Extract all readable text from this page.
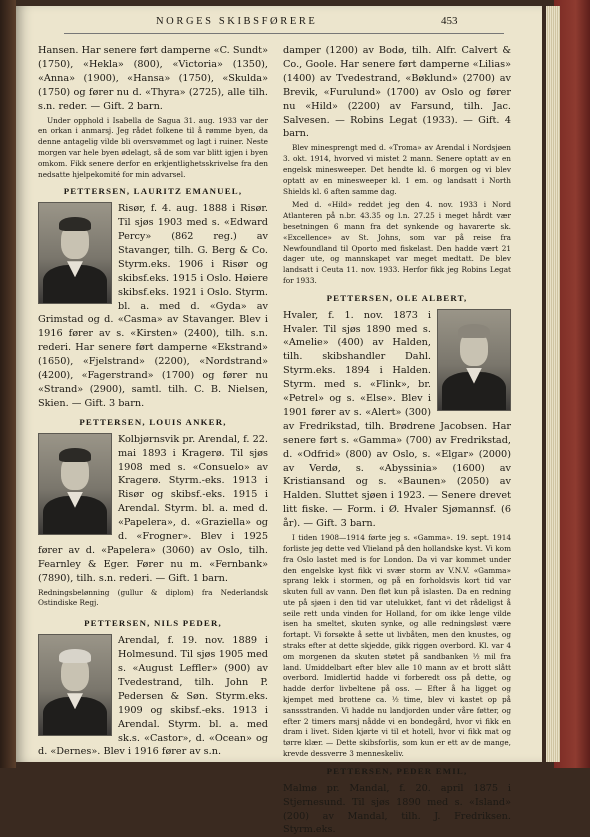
NORGES SKIBSFØRERE	453

Hansen. Har senere ført damperne «C. Sundt» (1750), «Hekla» (800), «Victoria» (1350), «Anna» (1900), «Hansa» (1750), «Skulda» (1750) og fører nu d. «Thyra» (2725), alle tilh. s.n. reder. — Gift. 2 barn.

Under opphold i Isabella de Sagua 31. aug. 1933 var der en orkan i anmarsj. Jeg rådet folkene til å rømme byen, da denne antagelig vilde bli oversvømmet og lagt i ruiner. Neste morgen var hele byen ødelagt, så de som var blitt igjen i byen omkom. Fikk senere derfor en erkjentlighetsskrivelse fra den nedsatte hjelpekomité for min advarsel.

PETTERSEN, LAURITZ EMANUEL,

Risør, f. 4. aug. 1888 i Risør. Til sjøs 1903 med s. «Edward Percy» (862 reg.) av Stavanger, tilh. G. Berg & Co. Styrm.eks. 1906 i Risør og skibsf.eks. 1915 i Oslo. Høiere skibsf.eks. 1921 i Oslo. Styrm. bl. a. med d. «Gyda» av Grimstad og d. «Casma» av Stavanger. Blev i 1916 fører av s. «Kirsten» (2400), tilh. s.n. rederi. Har senere ført damperne «Ekstrand» (1650), «Fjelstrand» (2200), «Nordstrand» (4200), «Fagerstrand» (1700) og fører nu «Strand» (2900), samtl. tilh. C. B. Nielsen, Skien. — Gift. 3 barn.

PETTERSEN, LOUIS ANKER,

Kolbjørnsvik pr. Arendal, f. 22. mai 1893 i Kragerø. Til sjøs 1908 med s. «Consuelo» av Kragerø. Styrm.-eks. 1913 i Risør og skibsf.-eks. 1915 i Arendal. Styrm. bl. a. med d. «Papelera», d. «Graziella» og d. «Frogner». Blev i 1925 fører av d. «Papelera» (3060) av Oslo, tilh. Fearnley & Eger. Fører nu m. «Fernbank» (7890), tilh. s.n. rederi. — Gift. 1 barn.

Redningsbelønning (gullur & diplom) fra Nederlandsk Ostindiske Regj.

PETTERSEN, NILS PEDER,

Arendal, f. 19. nov. 1889 i Holmesund. Til sjøs 1905 med s. «August Leffler» (900) av Tvedestrand, tilh. John P. Pedersen & Søn. Styrm.eks. 1909 og skibsf.-eks. 1913 i Arendal. Styrm. bl. a. med sk.s. «Castor», d. «Ocean» og d. «Dernes». Blev i 1916 fører av s.n.

damper (1200) av Bodø, tilh. Alfr. Calvert & Co., Goole. Har senere ført damperne «Lilias» (1400) av Tvedestrand, «Bøklund» (2700) av Brevik, «Furulund» (1700) av Oslo og fører nu «Hild» (2200) av Farsund, tilh. Jac. Salvesen. — Robins Legat (1933). — Gift. 4 barn.

Blev minesprengt med d. «Troma» av Arendal i Nordsjøen 3. okt. 1914, hvorved vi mistet 2 mann. Senere optatt av en engelsk minesweeper. Det hendte kl. 6 morgen og vi blev optatt av en minesweeper kl. 1 em. og landsatt i North Shields kl. 6 aften samme dag.

Med d. «Hild» reddet jeg den 4. nov. 1933 i Nord Atlanteren på n.br. 43.35 og l.n. 27.25 i meget hårdt vær besetningen 6 mann fra det synkende og havarerte sk. «Excellence» av St. Johns, som var på reise fra Newfoundland til Oporto med fiskelast. Den hadde vært 21 dager ute, og mannskapet var meget medtatt. De blev landsatt i Ceuta 11. nov. 1933. Herfor fikk jeg Robins Legat for 1933.

PETTERSEN, OLE ALBERT,

Hvaler, f. 1. nov. 1873 i Hvaler. Til sjøs 1890 med s. «Amelie» (400) av Halden, tilh. skibshandler Dahl. Styrm.eks. 1894 i Halden. Styrm. med s. «Flink», br. «Petrel» og s. «Else». Blev i 1901 fører av s. «Alert» (300) av Fredrikstad, tilh. Brødrene Jacobsen. Har senere ført s. «Gamma» (700) av Fredrikstad, d. «Odfrid» (800) av Oslo, s. «Elgar» (2000) av Verdø, s. «Abyssinia» (1600) av Kristiansand og s. «Baunen» (2050) av Halden. Sluttet sjøen i 1923. — Senere drevet litt fiske. — Form. i Ø. Hvaler Sjømannsf. (6 år). — Gift. 3 barn.

I tiden 1908—1914 førte jeg s. «Gamma». 19. sept. 1914 forliste jeg dette ved Vlieland på den hollandske kyst. Vi kom fra Oslo lastet med is for London. Da vi var kommet under den engelske kyst fikk vi svær storm av V.N.V. «Gamma» sprang lekk i stormen, og på en forholdsvis kort tid var skuten full av vann. Den fløt kun på islasten. Da en redning ute på sjøen i den tid var utelukket, fant vi det rådeligst å seile rett unda vinden for Holland, for om ikke lenge vilde isen ha smeltet, skuten synke, og alle redningsløst være fortapt. Vi forsøkte å sette ut livbåten, men den knustes, og straks efter at dette skjedde, gikk riggen overbord. Kl. var 4 om morgenen da skuten støtet på sandbanken ½ mil fra land. Umiddelbart efter blev alle 10 mann av et brott slått overbord. Imidlertid hadde vi forberedt oss på dette, og hadde derfor livbeltene på oss. — Efter å ha ligget og kjempet med brottene ca. ½ time, blev vi kastet op på sanssstranden. Vi hadde nu landjorden under våre føtter, og efter 2 timers marsj nådde vi en bondegård, hvor vi fikk en dram i livet. Siden kjørte vi til et hotell, hvor vi fikk mat og tørre klær. — Dette skibsforlis, som kun er ett av de mange, krevde dessverre 3 menneskeliv.

PETTERSEN, PEDER EMIL,

Malmø pr. Mandal, f. 20. april 1875 i Stjernesund. Til sjøs 1890 med s. «Island» (200) av Mandal, tilh. J. Fredriksen. Styrm.eks.
